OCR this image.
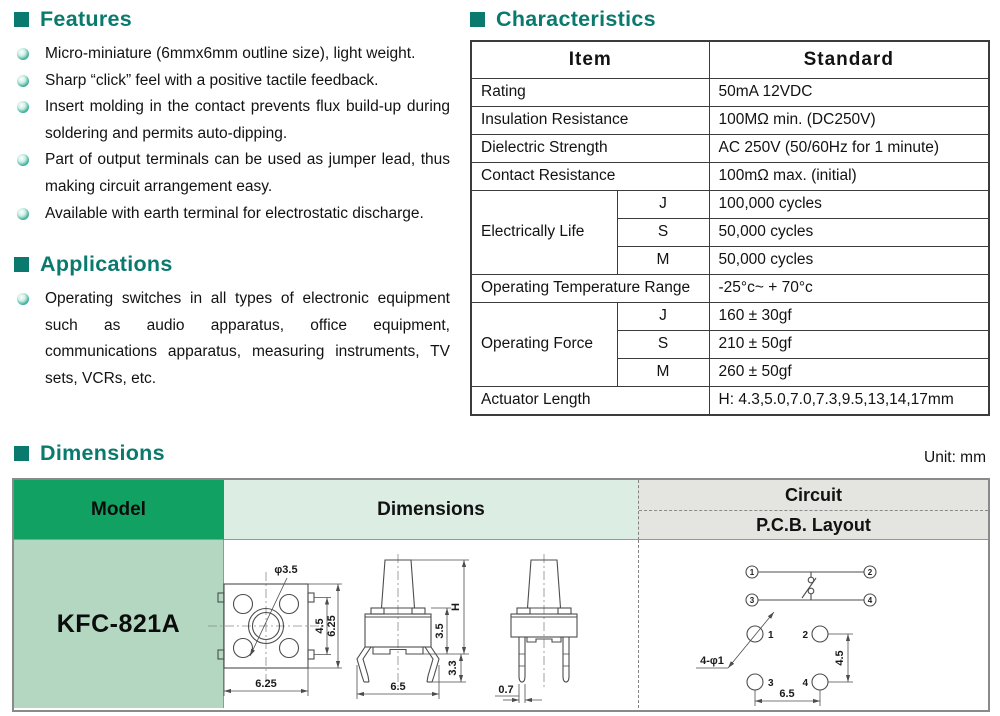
Features
Micro-miniature (6mmx6mm outline size), light weight.
Sharp “click” feel with a positive tactile feedback.
Insert molding in the contact prevents flux build-up during soldering and permits auto-dipping.
Part of output terminals can be used as jumper lead, thus making circuit arrangement easy.
Available with earth terminal for electrostatic discharge.
Applications
Operating switches in all types of electronic equipment such as audio apparatus, office equipment, communications apparatus, measuring instruments, TV sets, VCRs, etc.
Characteristics
Item		Standard
Rating		50mA 12VDC
Insulation Resistance		100MΩ min. (DC250V)
Dielectric Strength		AC 250V (50/60Hz for 1 minute)
Contact Resistance		100mΩ max. (initial)
Electrically Life	J	100,000 cycles
	S	50,000 cycles
	M	50,000 cycles
Operating Temperature Range		-25°c~ + 70°c
Operating Force	J	160 ± 30gf
	S	210 ± 50gf
	M	260 ± 50gf
Actuator Length		H: 4.3,5.0,7.0,7.3,9.5,13,14,17mm
Dimensions	Unit: mm
Model	Dimensions
Circuit
P.C.B. Layout
KFC-821A
φ3.5
4.5 6.25
6.25
3.5
H
3.3
6.5	0.7
1	2
3	4
1	2
3	4
4-φ1	4.5
6.5
